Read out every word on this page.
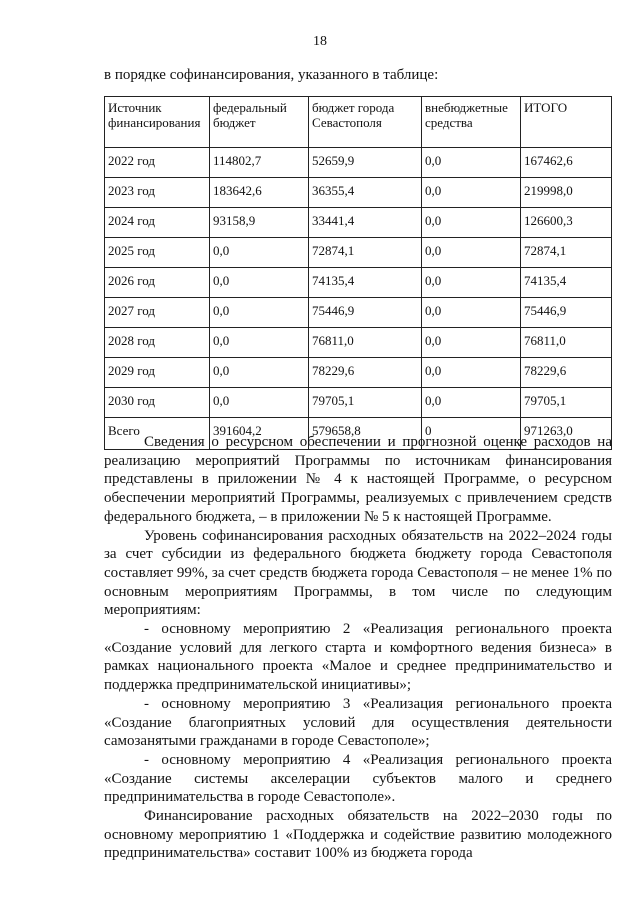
18
в порядке софинансирования, указанного в таблице:
Источник финансирования	федеральный бюджет	бюджет города Севастополя	внебюджетные средства	ИТОГО
2022 год	114802,7	52659,9	0,0	167462,6
2023 год	183642,6	36355,4	0,0	219998,0
2024 год	93158,9	33441,4	0,0	126600,3
2025 год	0,0	72874,1	0,0	72874,1
2026 год	0,0	74135,4	0,0	74135,4
2027 год	0,0	75446,9	0,0	75446,9
2028 год	0,0	76811,0	0,0	76811,0
2029 год	0,0	78229,6	0,0	78229,6
2030 год	0,0	79705,1	0,0	79705,1
Всего	391604,2	579658,8	0	971263,0

Сведения о ресурсном обеспечении и прогнозной оценке расходов на реализацию мероприятий Программы по источникам финансирования представлены в приложении № 4 к настоящей Программе, о ресурсном обеспечении мероприятий Программы, реализуемых с привлечением средств федерального бюджета, – в приложении № 5 к настоящей Программе.

Уровень софинансирования расходных обязательств на 2022–2024 годы за счет субсидии из федерального бюджета бюджету города Севастополя составляет 99%, за счет средств бюджета города Севастополя – не менее 1% по основным мероприятиям Программы, в том числе по следующим мероприятиям:

- основному мероприятию 2 «Реализация регионального проекта «Создание условий для легкого старта и комфортного ведения бизнеса» в рамках национального проекта «Малое и среднее предпринимательство и поддержка предпринимательской инициативы»;

- основному мероприятию 3 «Реализация регионального проекта «Создание благоприятных условий для осуществления деятельности самозанятыми гражданами в городе Севастополе»;

- основному мероприятию 4 «Реализация регионального проекта «Создание системы акселерации субъектов малого и среднего предпринимательства в городе Севастополе».

Финансирование расходных обязательств на 2022–2030 годы по основному мероприятию 1 «Поддержка и содействие развитию молодежного предпринимательства» составит 100% из бюджета города
